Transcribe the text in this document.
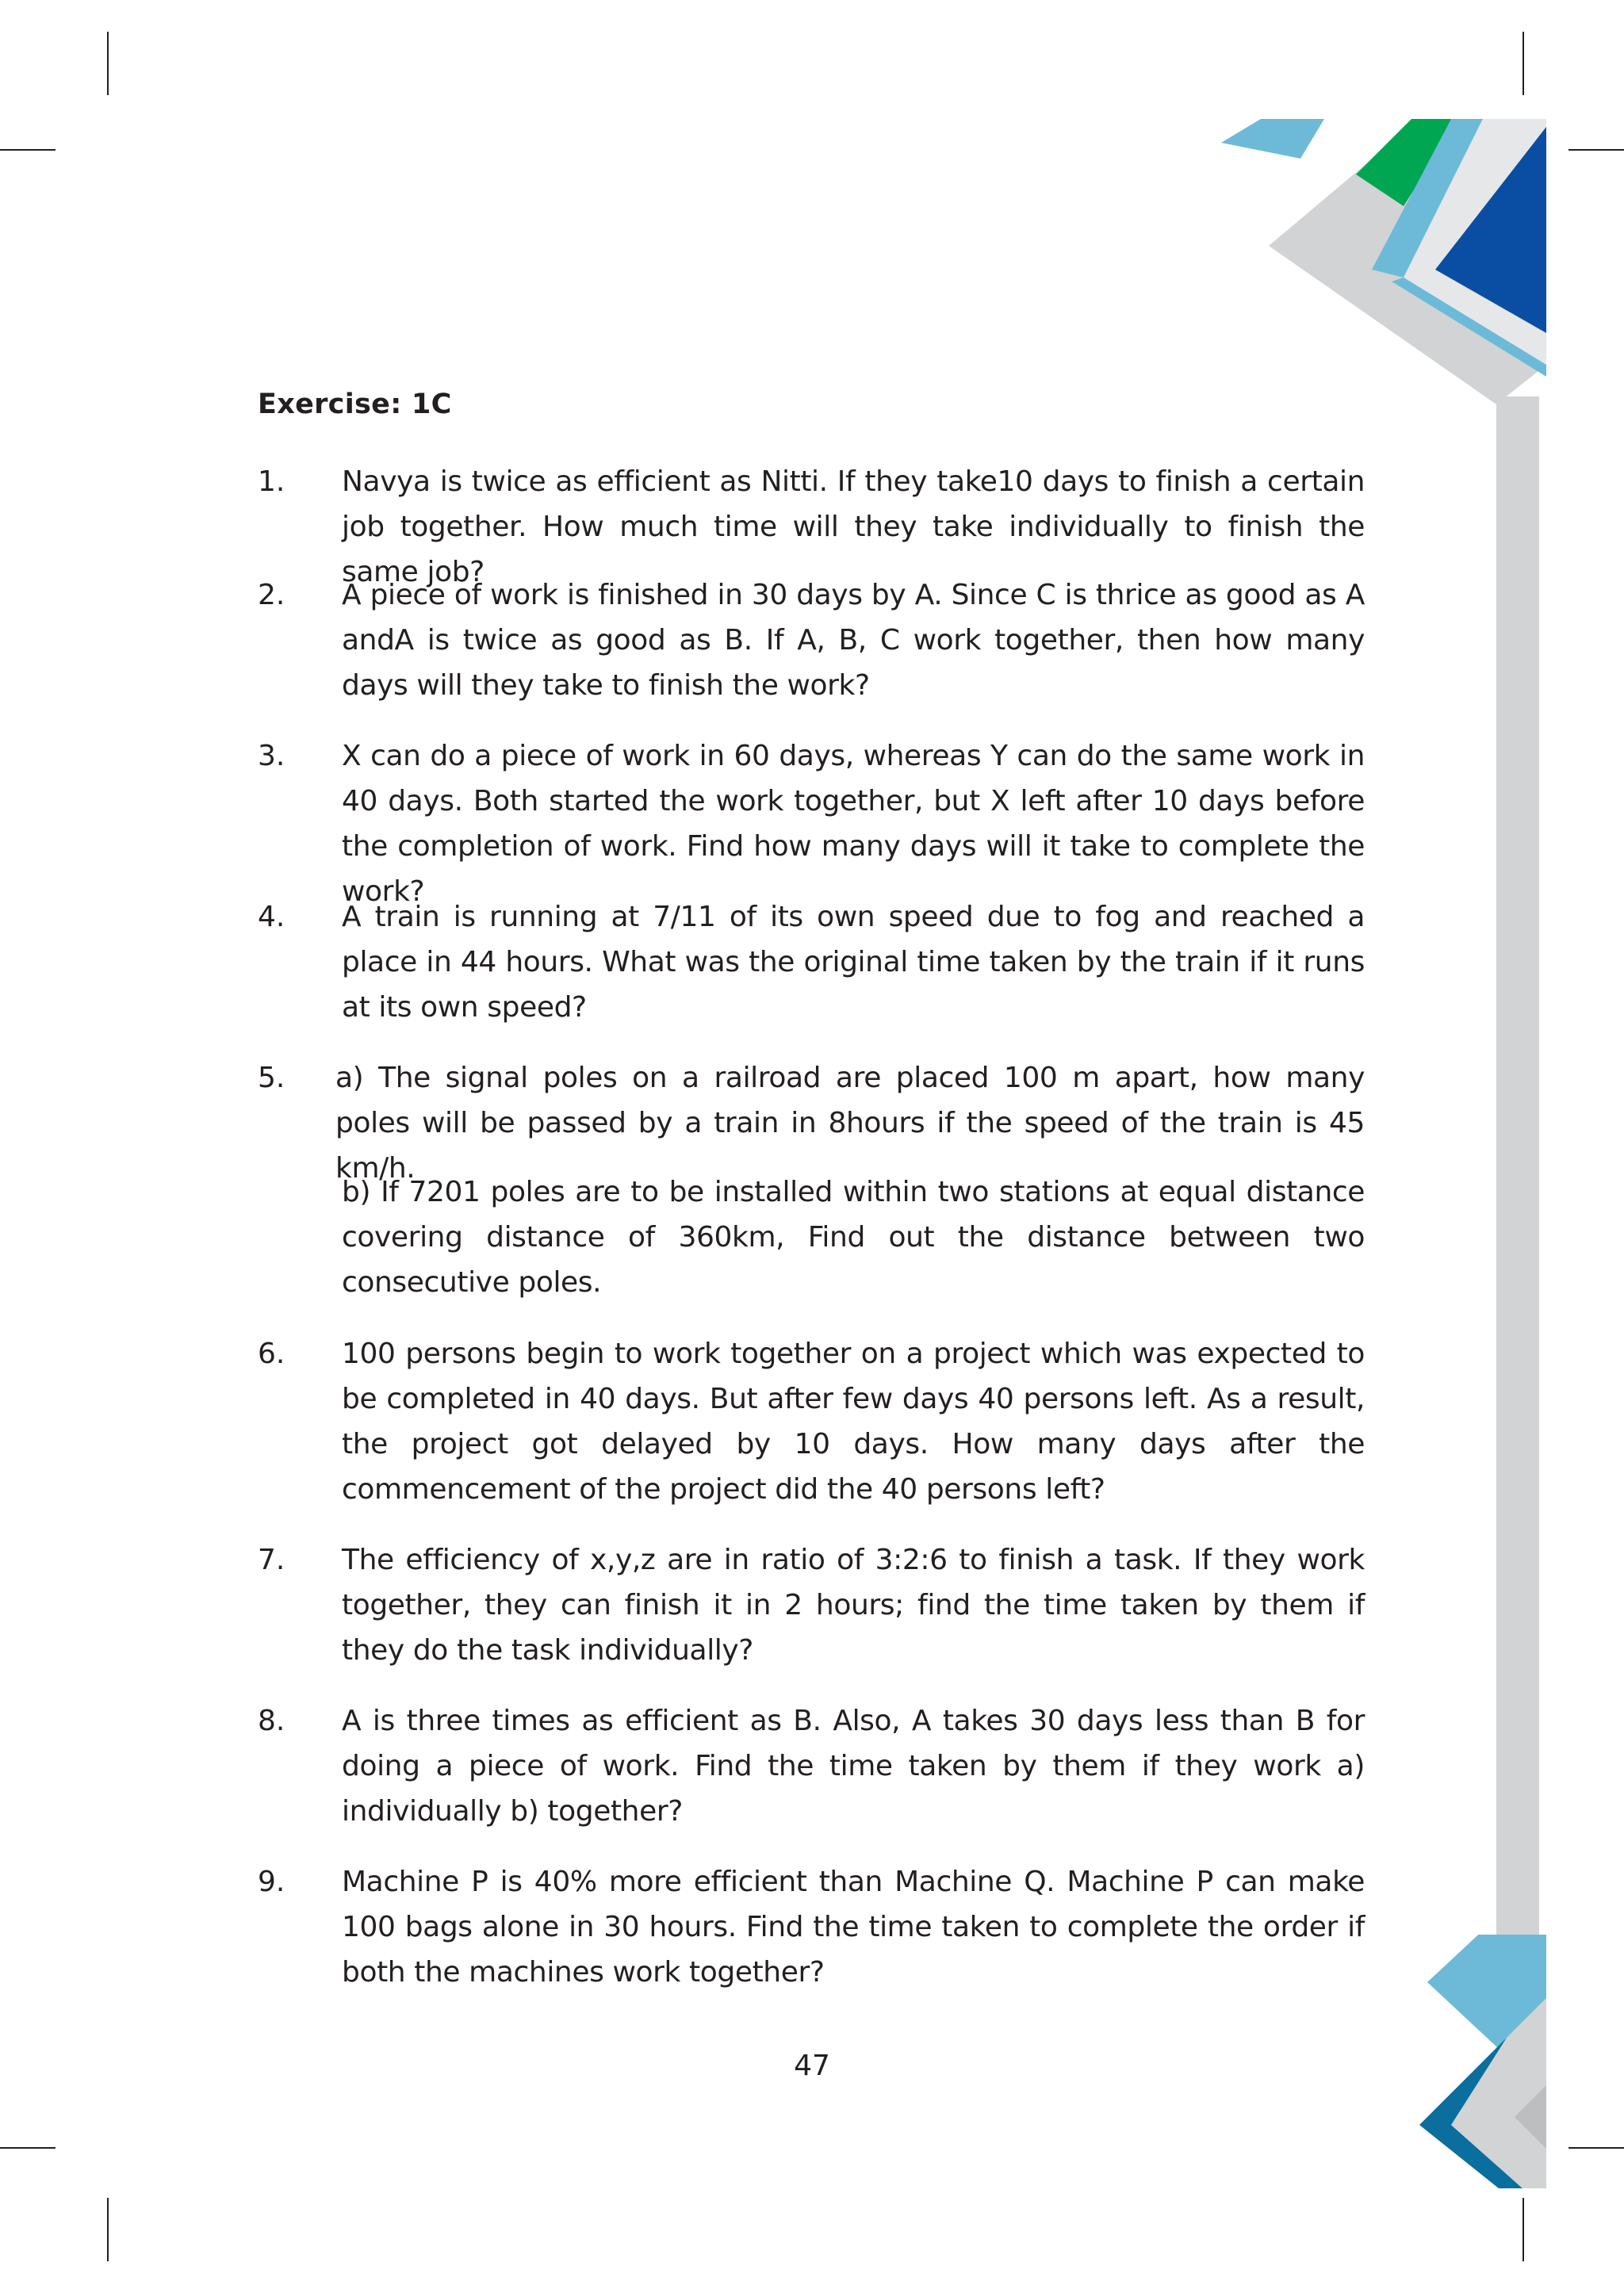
Exercise: 1C
1. Navya is twice as efficient as Nitti. If they take10 days to finish a certain job together. How much time will they take individually to finish the same job?
2. A piece of work is finished in 30 days by A. Since C is thrice as good as A andA is twice as good as B. If A, B, C work together, then how many days will they take to finish the work?
3. X can do a piece of work in 60 days, whereas Y can do the same work in 40 days. Both started the work together, but X left after 10 days before the completion of work. Find how many days will it take to complete the work?
4. A train is running at 7/11 of its own speed due to fog and reached a place in 44 hours. What was the original time taken by the train if it runs at its own speed?
5. a) The signal poles on a railroad are placed 100 m apart, how many poles will be passed by a train in 8hours if the speed of the train is 45 km/h.
b) If 7201 poles are to be installed within two stations at equal distance covering distance of 360km, Find out the distance between two consecutive poles.
6. 100 persons begin to work together on a project which was expected to be completed in 40 days. But after few days 40 persons left. As a result, the project got delayed by 10 days. How many days after the commencement of the project did the 40 persons left?
7. The efficiency of x,y,z are in ratio of 3:2:6 to finish a task. If they work together, they can finish it in 2 hours; find the time taken by them if they do the task individually?
8. A is three times as efficient as B. Also, A takes 30 days less than B for doing a piece of work. Find the time taken by them if they work a) individually b) together?
9. Machine P is 40% more efficient than Machine Q. Machine P can make 100 bags alone in 30 hours. Find the time taken to complete the order if both the machines work together?
47
